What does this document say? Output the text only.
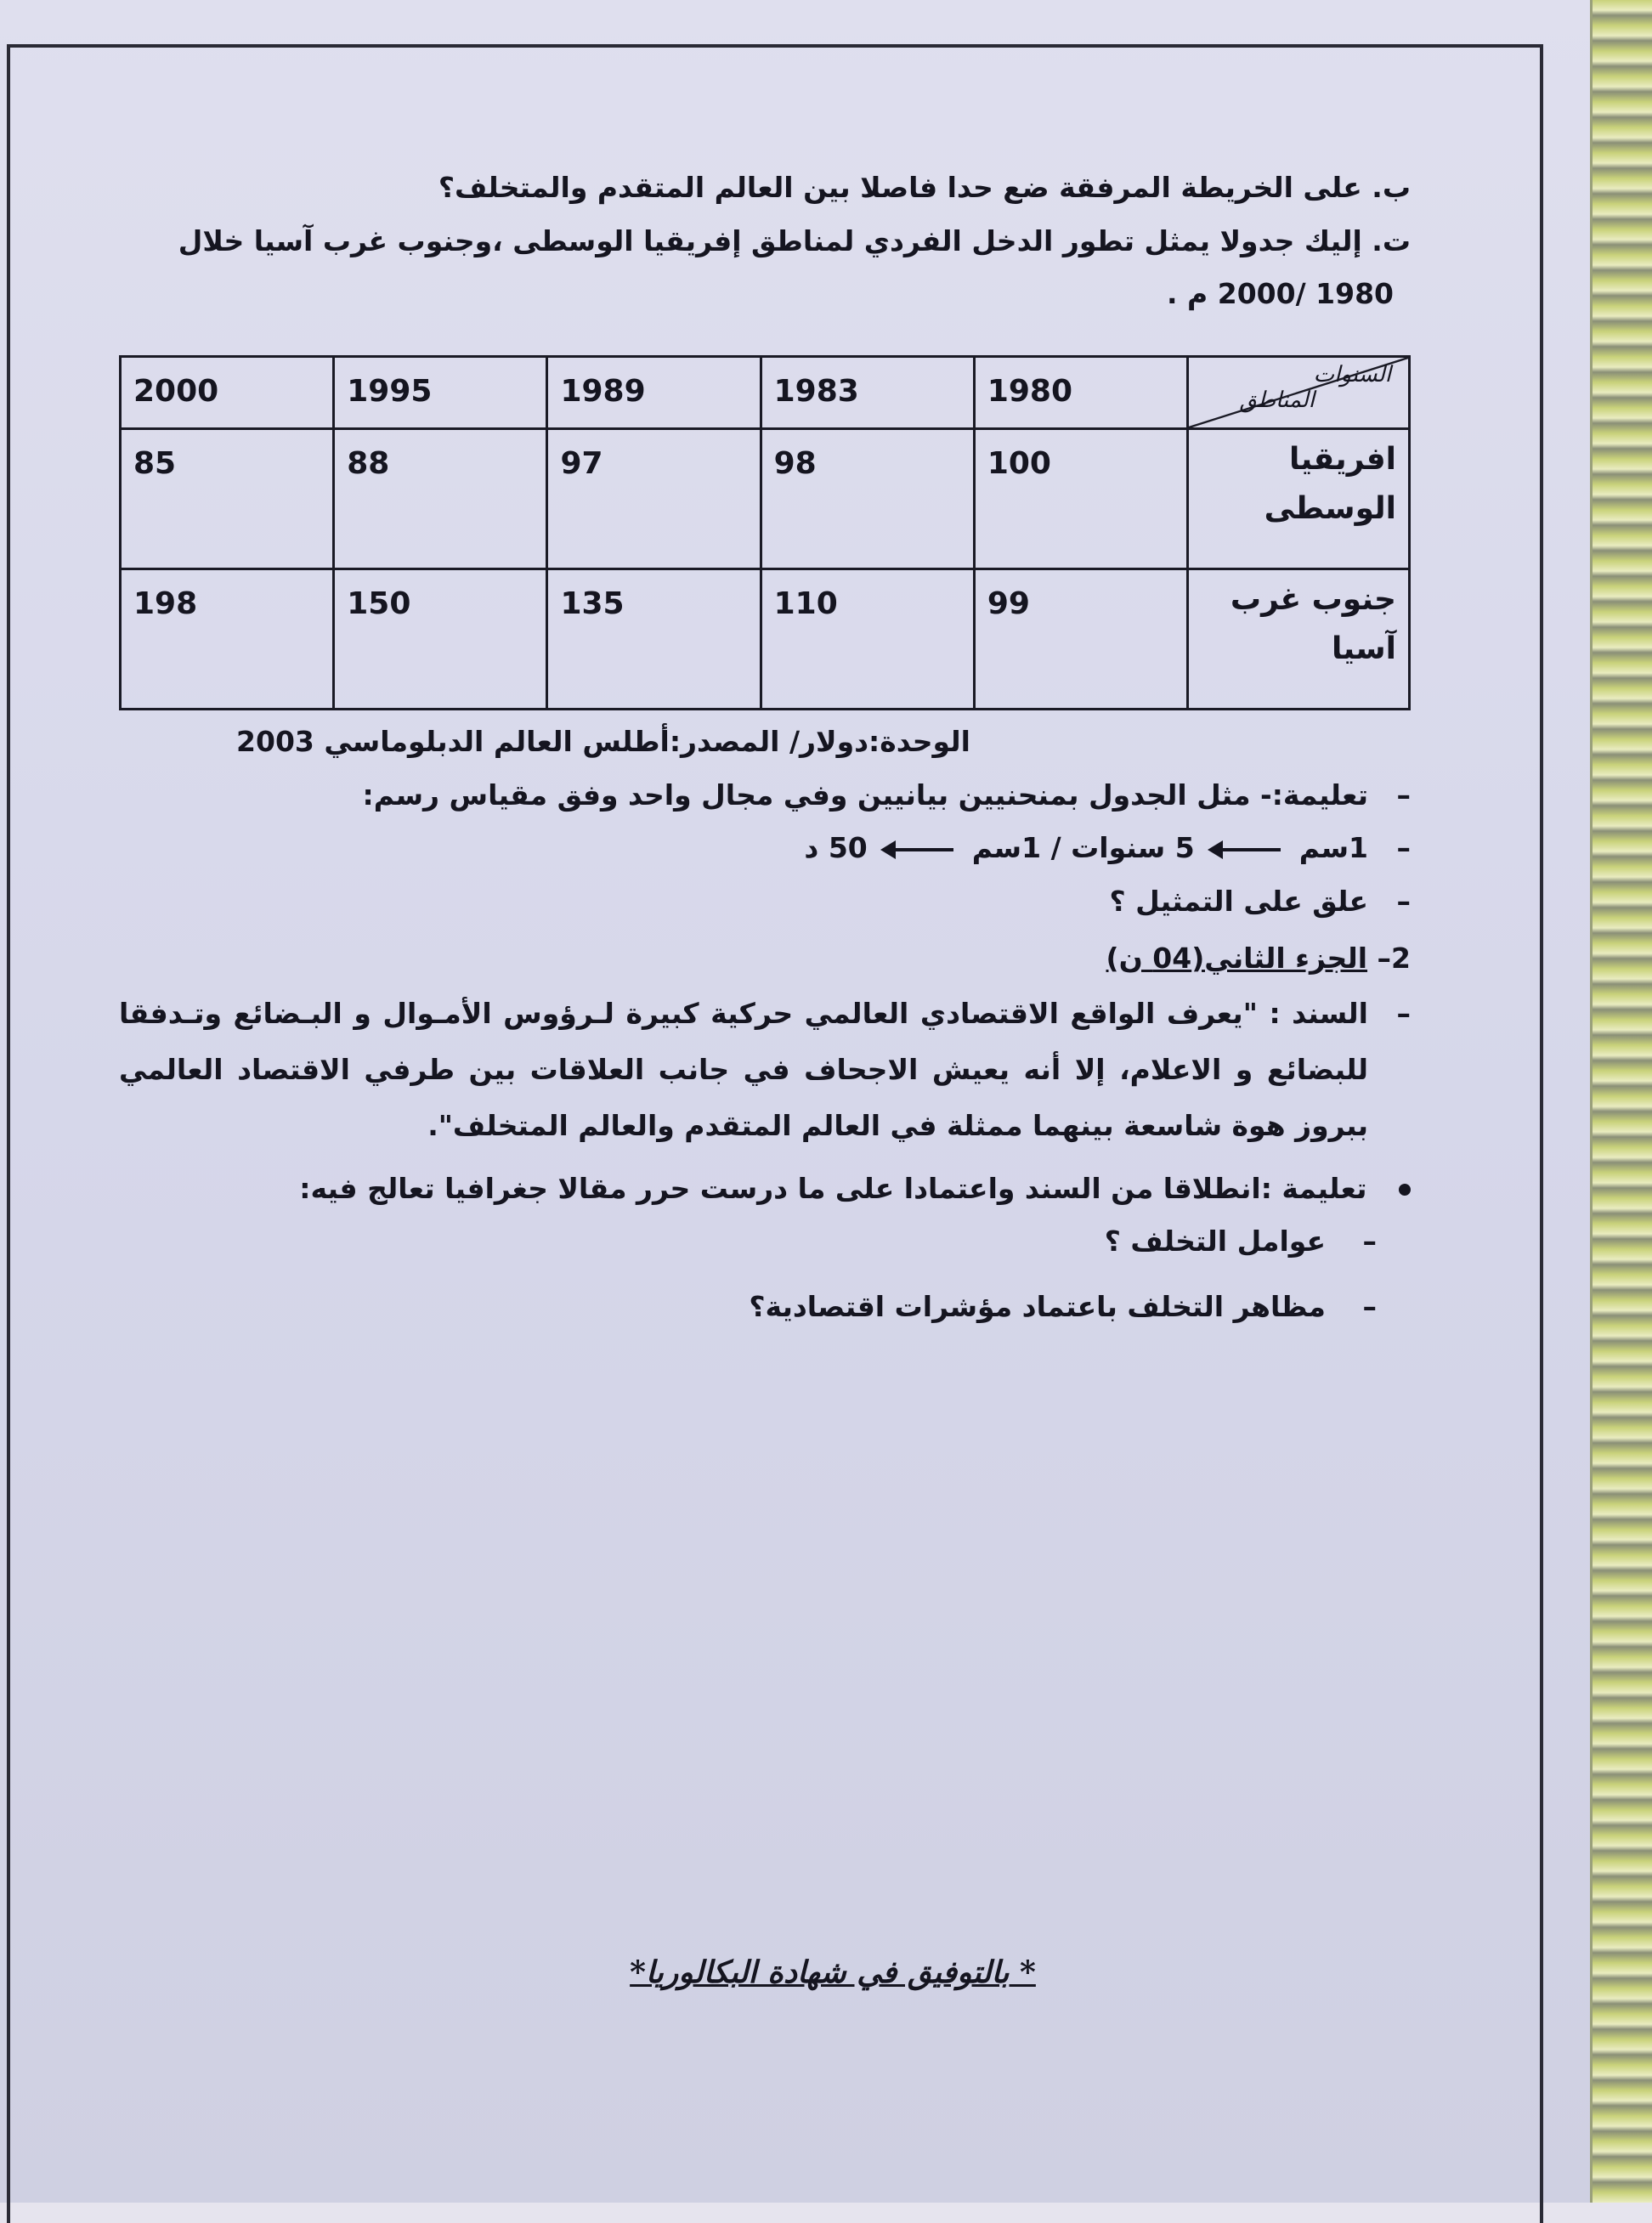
ب. على الخريطة المرفقة ضع حدا فاصلا بين العالم المتقدم والمتخلف؟

ت. إليك جدولا يمثل تطور الدخل الفردي لمناطق إفريقيا الوسطى ،وجنوب غرب آسيا خلال

1980 /2000 م .

السنوات
المناطق	1980	1983	1989	1995	2000
افريقيا الوسطى	100	98	97	88	85
جنوب غرب آسيا	99	110	135	150	198

الوحدة:دولار/ المصدر:أطلس العالم الدبلوماسي 2003

–
تعليمة:- مثل الجدول بمنحنيين بيانيين وفي مجال واحد وفق مقياس رسم:

–
1سم  5 سنوات / 1سم  50 د

–
علق على التمثيل ؟

2– الجزء الثاني(04 ن)

–
السند : "يعرف الواقع الاقتصادي العالمي حركية كبيرة لـرؤوس الأمـوال و البـضائع وتـدفقا للبضائع و الاعلام، إلا أنه يعيش الاجحاف في جانب العلاقات بين طرفي الاقتصاد العالمي ببروز هوة شاسعة بينهما ممثلة في العالم المتقدم والعالم المتخلف".

تعليمة :انطلاقا من السند واعتمادا على ما درست حرر مقالا جغرافيا تعالج فيه:

–
عوامل التخلف ؟

–
مظاهر التخلف باعتماد مؤشرات اقتصادية؟

* بالتوفيق في شهادة البكالوريا*
